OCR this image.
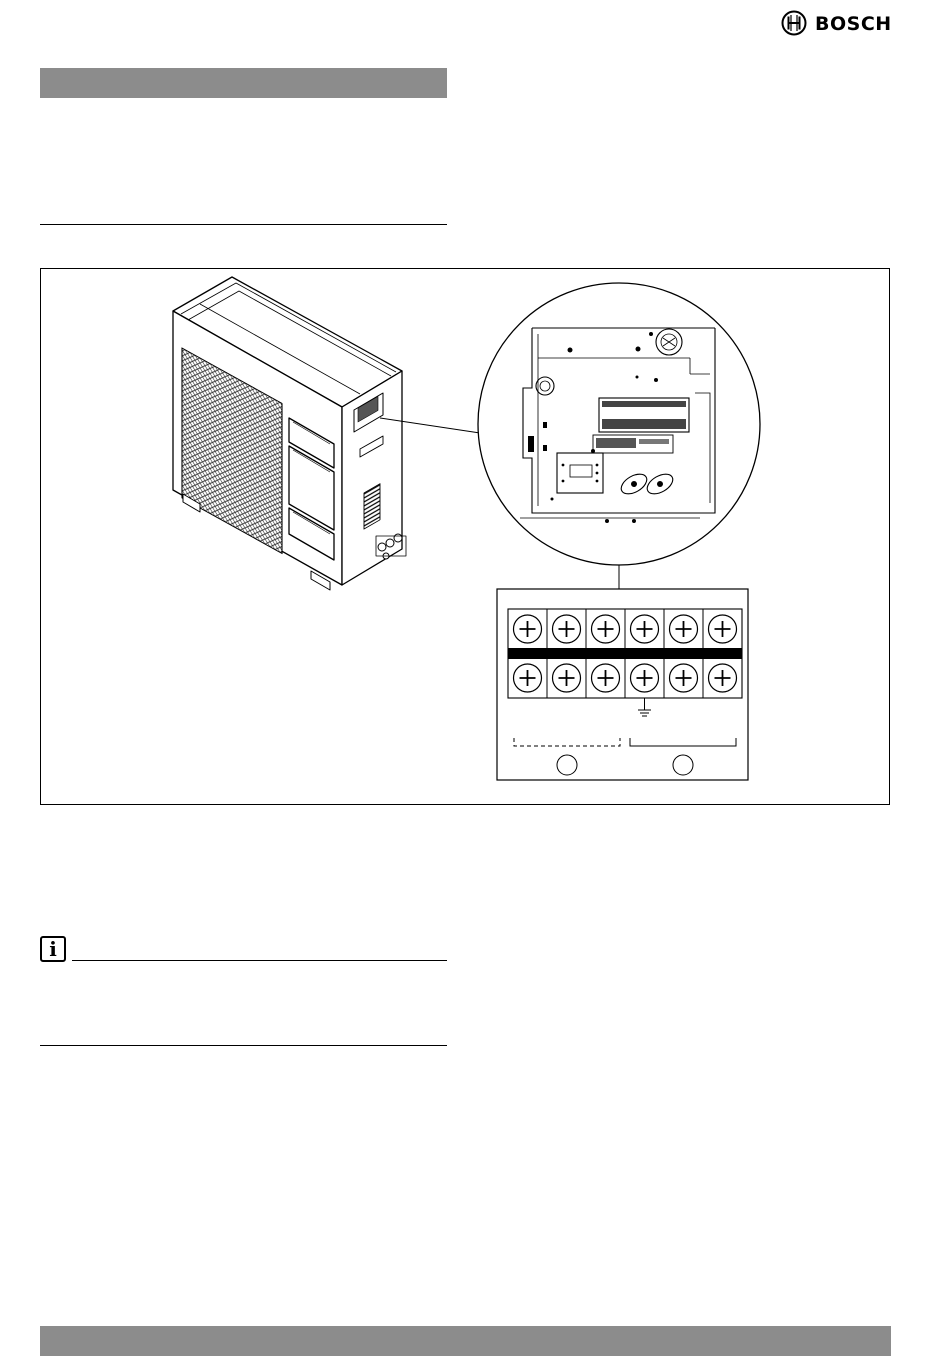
BOSCH
i
